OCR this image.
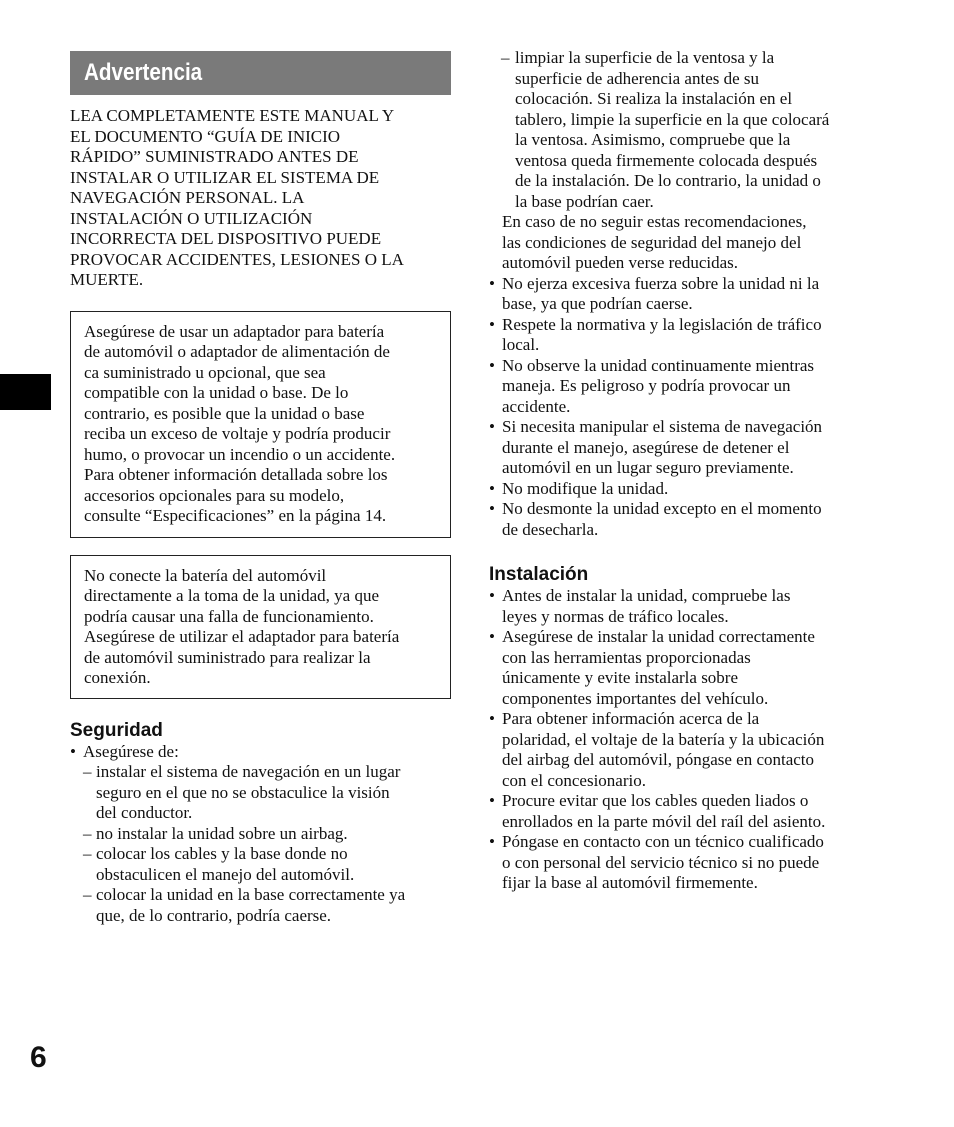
Advertencia
LEA COMPLETAMENTE ESTE MANUAL Y
EL DOCUMENTO “GUÍA DE INICIO
RÁPIDO” SUMINISTRADO ANTES DE
INSTALAR O UTILIZAR EL SISTEMA DE
NAVEGACIÓN PERSONAL. LA
INSTALACIÓN O UTILIZACIÓN
INCORRECTA DEL DISPOSITIVO PUEDE
PROVOCAR ACCIDENTES, LESIONES O LA
MUERTE.
Asegúrese de usar un adaptador para batería
de automóvil o adaptador de alimentación de
ca suministrado u opcional, que sea
compatible con la unidad o base. De lo
contrario, es posible que la unidad o base
reciba un exceso de voltaje y podría producir
humo, o provocar un incendio o un accidente.
Para obtener información detallada sobre los
accesorios opcionales para su modelo,
consulte “Especificaciones” en la página 14.
No conecte la batería del automóvil
directamente a la toma de la unidad, ya que
podría causar una falla de funcionamiento.
Asegúrese de utilizar el adaptador para batería
de automóvil suministrado para realizar la
conexión.
Seguridad
• Asegúrese de:
– instalar el sistema de navegación en un lugar
seguro en el que no se obstaculice la visión
del conductor.
– no instalar la unidad sobre un airbag.
– colocar los cables y la base donde no
obstaculicen el manejo del automóvil.
– colocar la unidad en la base correctamente ya
que, de lo contrario, podría caerse.
– limpiar la superficie de la ventosa y la
superficie de adherencia antes de su
colocación. Si realiza la instalación en el
tablero, limpie la superficie en la que colocará
la ventosa. Asimismo, compruebe que la
ventosa queda firmemente colocada después
de la instalación. De lo contrario, la unidad o
la base podrían caer.
En caso de no seguir estas recomendaciones,
las condiciones de seguridad del manejo del
automóvil pueden verse reducidas.
• No ejerza excesiva fuerza sobre la unidad ni la
base, ya que podrían caerse.
• Respete la normativa y la legislación de tráfico
local.
• No observe la unidad continuamente mientras
maneja. Es peligroso y podría provocar un
accidente.
• Si necesita manipular el sistema de navegación
durante el manejo, asegúrese de detener el
automóvil en un lugar seguro previamente.
• No modifique la unidad.
• No desmonte la unidad excepto en el momento
de desecharla.
Instalación
• Antes de instalar la unidad, compruebe las
leyes y normas de tráfico locales.
• Asegúrese de instalar la unidad correctamente
con las herramientas proporcionadas
únicamente y evite instalarla sobre
componentes importantes del vehículo.
• Para obtener información acerca de la
polaridad, el voltaje de la batería y la ubicación
del airbag del automóvil, póngase en contacto
con el concesionario.
• Procure evitar que los cables queden liados o
enrollados en la parte móvil del raíl del asiento.
• Póngase en contacto con un técnico cualificado
o con personal del servicio técnico si no puede
fijar la base al automóvil firmemente.
6
